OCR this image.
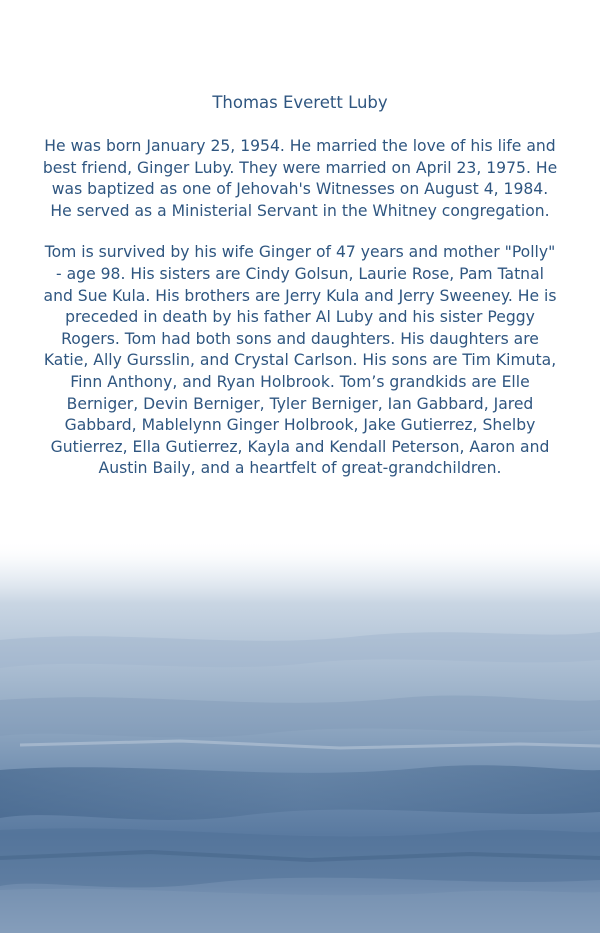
Thomas Everett Luby

He was born January 25, 1954. He married the love of his life and best friend, Ginger Luby. They were married on April 23, 1975. He was baptized as one of Jehovah's Witnesses on August 4, 1984. He served as a Ministerial Servant in the Whitney congregation.

Tom is survived by his wife Ginger of 47 years and mother "Polly" - age 98. His sisters are Cindy Golsun, Laurie Rose, Pam Tatnal and Sue Kula. His brothers are Jerry Kula and Jerry Sweeney. He is preceded in death by his father Al Luby and his sister Peggy Rogers. Tom had both sons and daughters. His daughters are Katie, Ally Gursslin, and Crystal Carlson. His sons are Tim Kimuta, Finn Anthony, and Ryan Holbrook. Tom’s grandkids are Elle Berniger, Devin Berniger, Tyler Berniger, Ian Gabbard, Jared Gabbard, Mablelynn Ginger Holbrook, Jake Gutierrez, Shelby Gutierrez, Ella Gutierrez, Kayla and Kendall Peterson, Aaron and Austin Baily, and a heartfelt of great-grandchildren.
